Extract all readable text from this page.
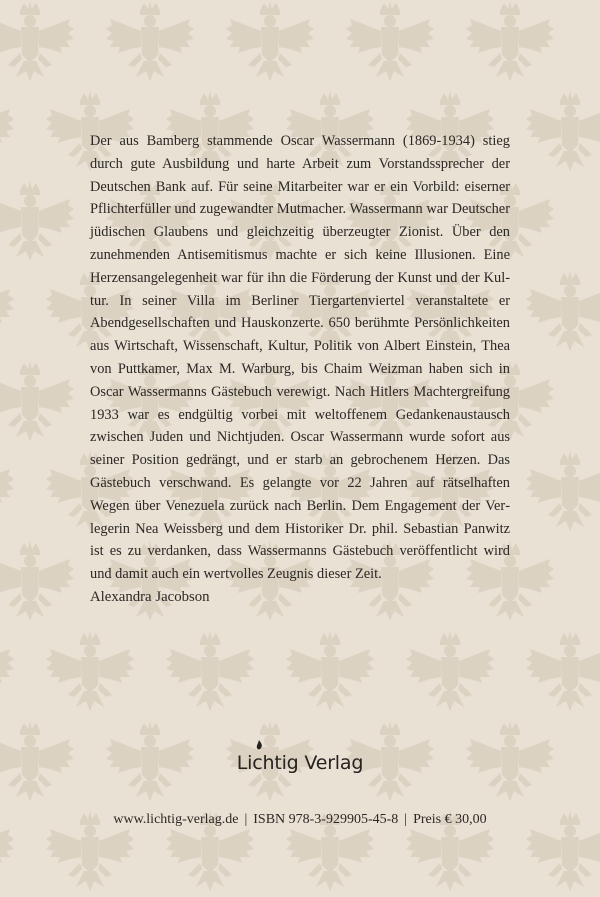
Der aus Bamberg stammende Oscar Wassermann (1869-1934) stieg durch gute Ausbildung und harte Arbeit zum Vorstandssprecher der Deutschen Bank auf. Für seine Mitarbeiter war er ein Vorbild: eiserner Pflichterfüller und zugewandter Mutmacher. Wassermann war Deutscher jüdischen Glaubens und gleichzeitig überzeugter Zionist. Über den zunehmenden Antisemitismus machte er sich keine Illusionen. Eine Herzensangelegenheit war für ihn die Förderung der Kunst und der Kultur. In seiner Villa im Berliner Tiergartenviertel veranstaltete er Abendgesellschaften und Hauskonzerte. 650 berühmte Persönlichkeiten aus Wirtschaft, Wissenschaft, Kultur, Politik von Albert Einstein, Thea von Puttkamer, Max M. Warburg, bis Chaim Weizman haben sich in Oscar Wassermanns Gästebuch verewigt. Nach Hitlers Machtergreifung 1933 war es endgültig vorbei mit weltoffenem Gedankenaustausch zwischen Juden und Nichtjuden. Oscar Wassermann wurde sofort aus seiner Position gedrängt, und er starb an gebrochenem Herzen. Das Gästebuch verschwand. Es gelangte vor 22 Jahren auf rätselhaften Wegen über Venezuela zurück nach Berlin. Dem Engagement der Verlegerin Nea Weissberg und dem Historiker Dr. phil. Sebastian Panwitz ist es zu verdanken, dass Wassermanns Gästebuch veröffentlicht wird und damit auch ein wertvolles Zeugnis dieser Zeit.

Alexandra Jacobson

Lichtig Verlag
www.lichtig-verlag.de | ISBN 978-3-929905-45-8 | Preis € 30,00
